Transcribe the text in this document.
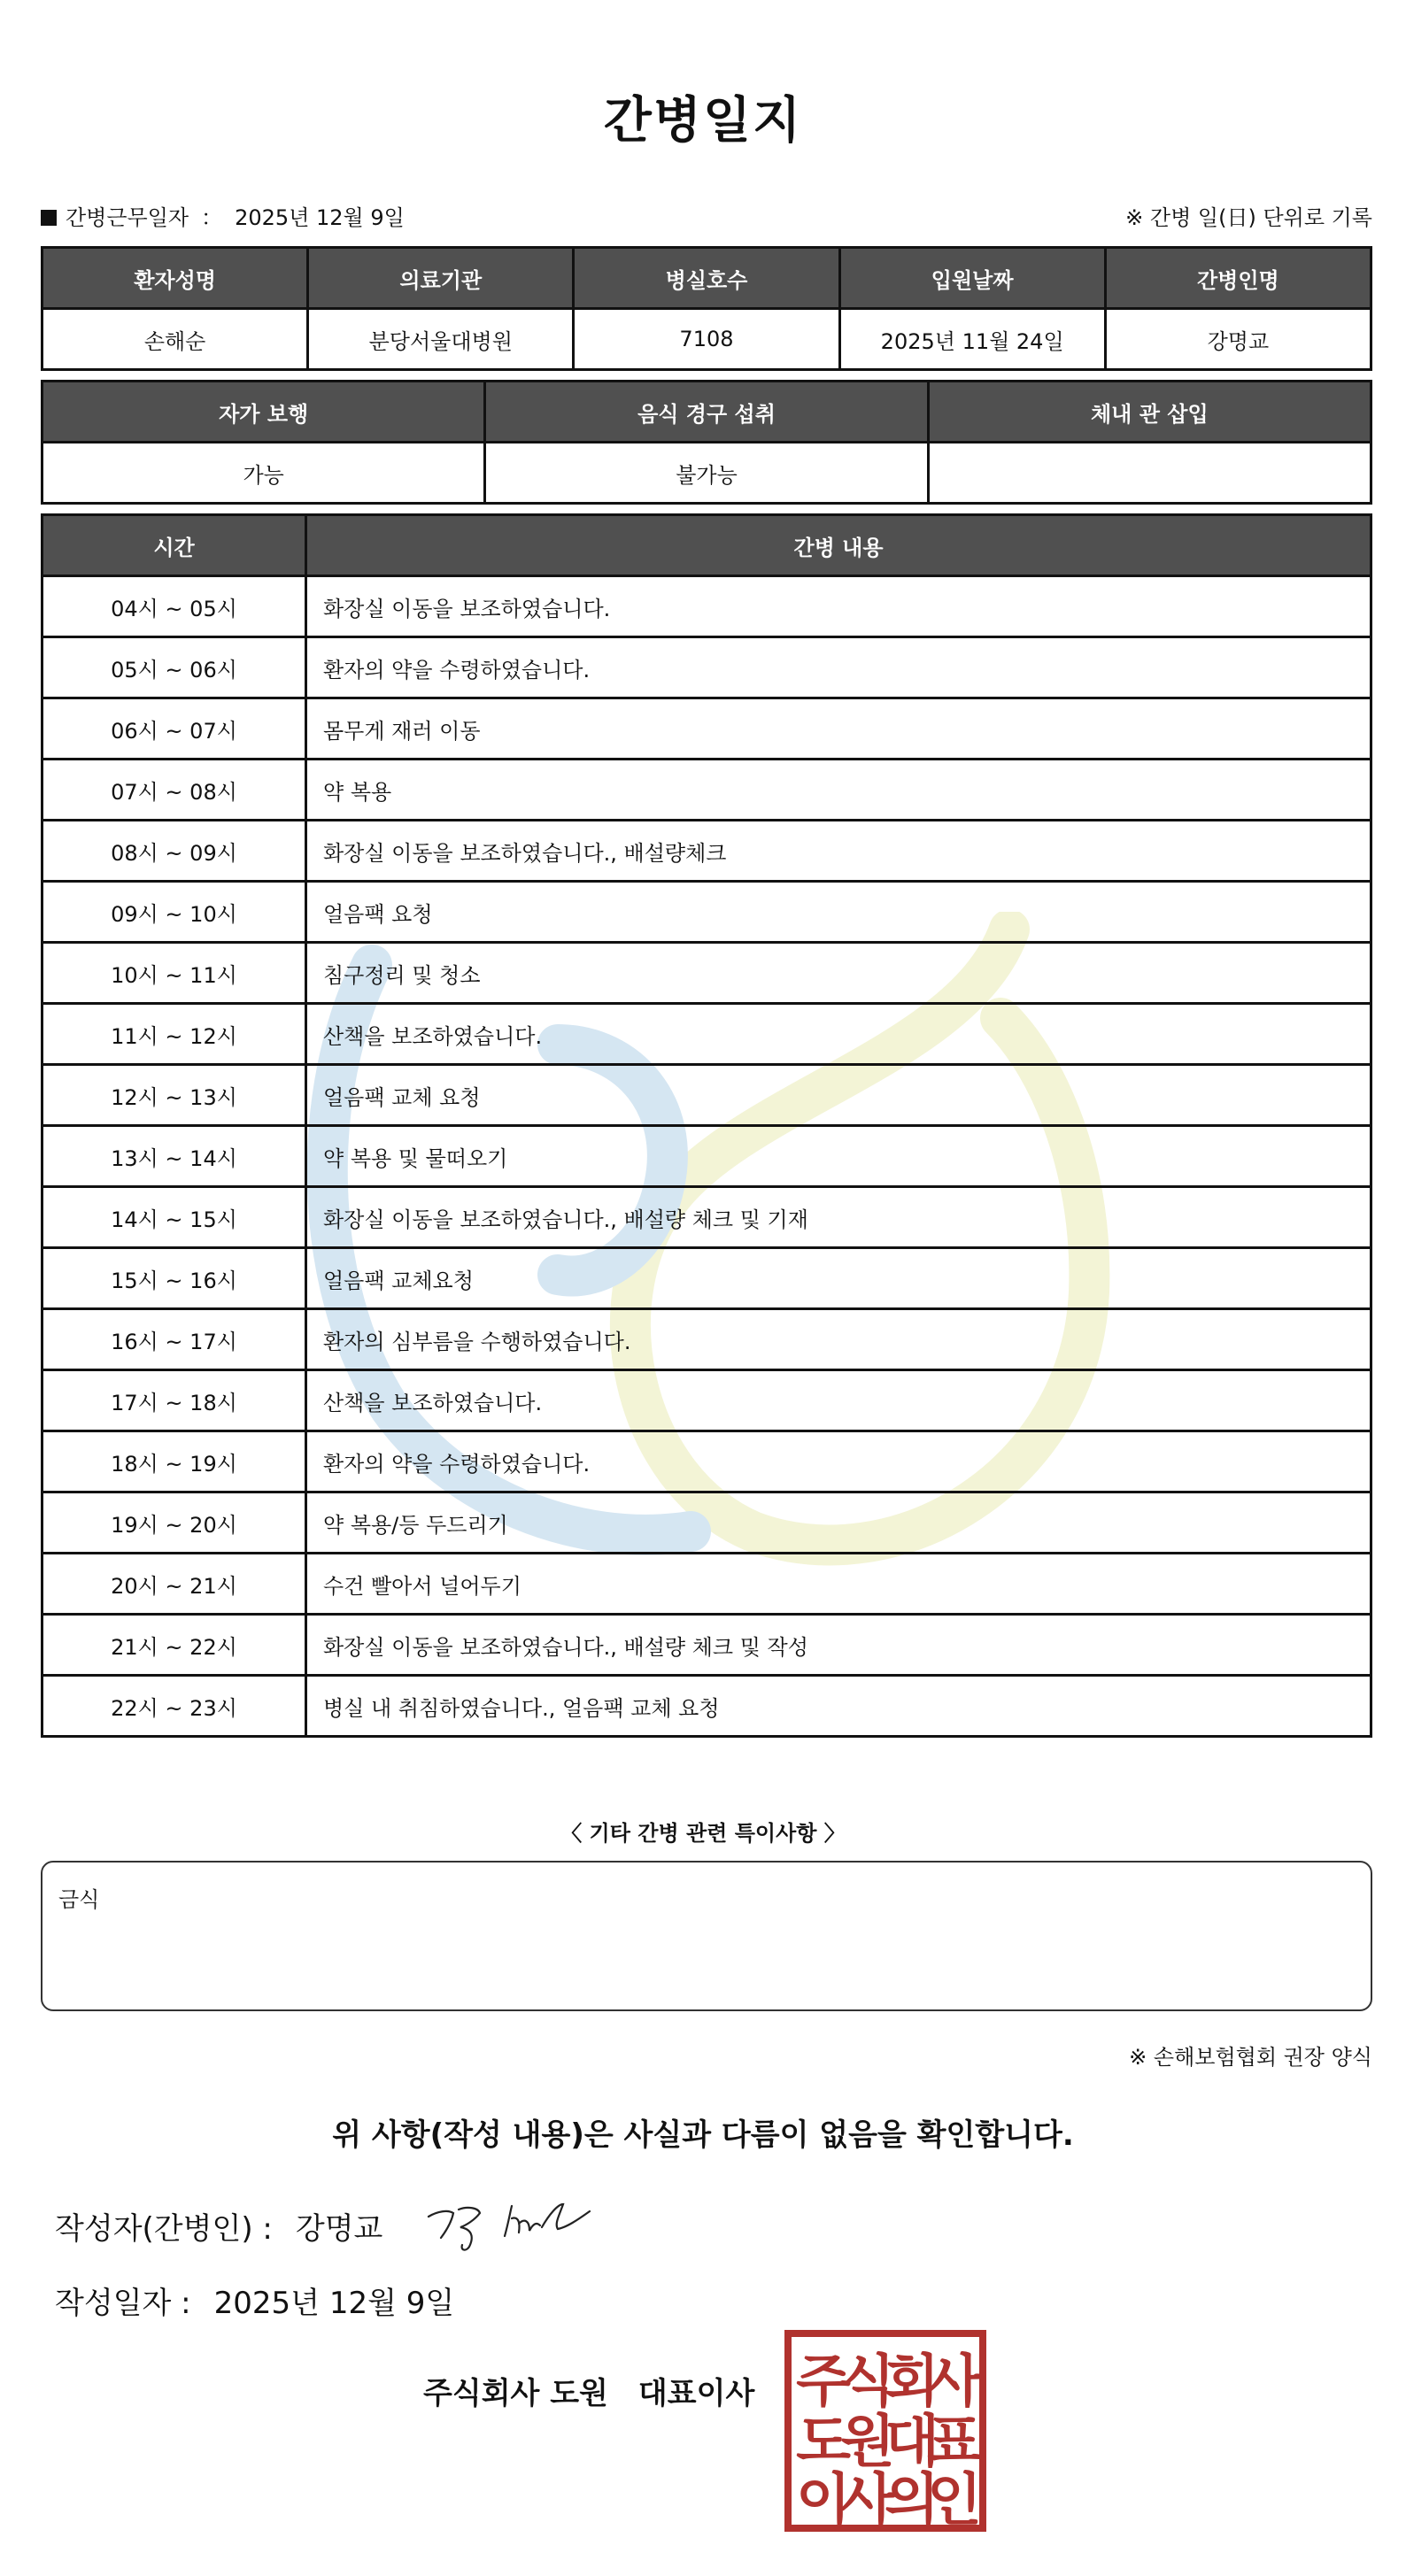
간병일지
간병근무일자 ： 2025년 12월 9일	※ 간병 일(日) 단위로 기록
환자성명	의료기관	병실호수	입원날짜	간병인명
손해순	분당서울대병원	7108	2025년 11월 24일	강명교
자가 보행	음식 경구 섭취	체내 관 삽입
가능	불가능	
시간	간병 내용
04시 ~ 05시	화장실 이동을 보조하였습니다.
05시 ~ 06시	환자의 약을 수령하였습니다.
06시 ~ 07시	몸무게 재러 이동
07시 ~ 08시	약 복용
08시 ~ 09시	화장실 이동을 보조하였습니다., 배설량체크
09시 ~ 10시	얼음팩 요청
10시 ~ 11시	침구정리 및 청소
11시 ~ 12시	산책을 보조하였습니다.
12시 ~ 13시	얼음팩 교체 요청
13시 ~ 14시	약 복용 및 물떠오기
14시 ~ 15시	화장실 이동을 보조하였습니다., 배설량 체크 및 기재
15시 ~ 16시	얼음팩 교체요청
16시 ~ 17시	환자의 심부름을 수행하였습니다.
17시 ~ 18시	산책을 보조하였습니다.
18시 ~ 19시	환자의 약을 수령하였습니다.
19시 ~ 20시	약 복용/등 두드리기
20시 ~ 21시	수건 빨아서 널어두기
21시 ~ 22시	화장실 이동을 보조하였습니다., 배설량 체크 및 작성
22시 ~ 23시	병실 내 취침하였습니다., 얼음팩 교체 요청
〈 기타 간병 관련 특이사항 〉
금식
※ 손해보험협회 권장 양식
위 사항(작성 내용)은 사실과 다름이 없음을 확인합니다.
작성자(간병인) : 강명교
작성일자 : 2025년 12월 9일
주식회사 도원 대표이사 주
식
회
사
도
원
대
표
이
사
의
인
